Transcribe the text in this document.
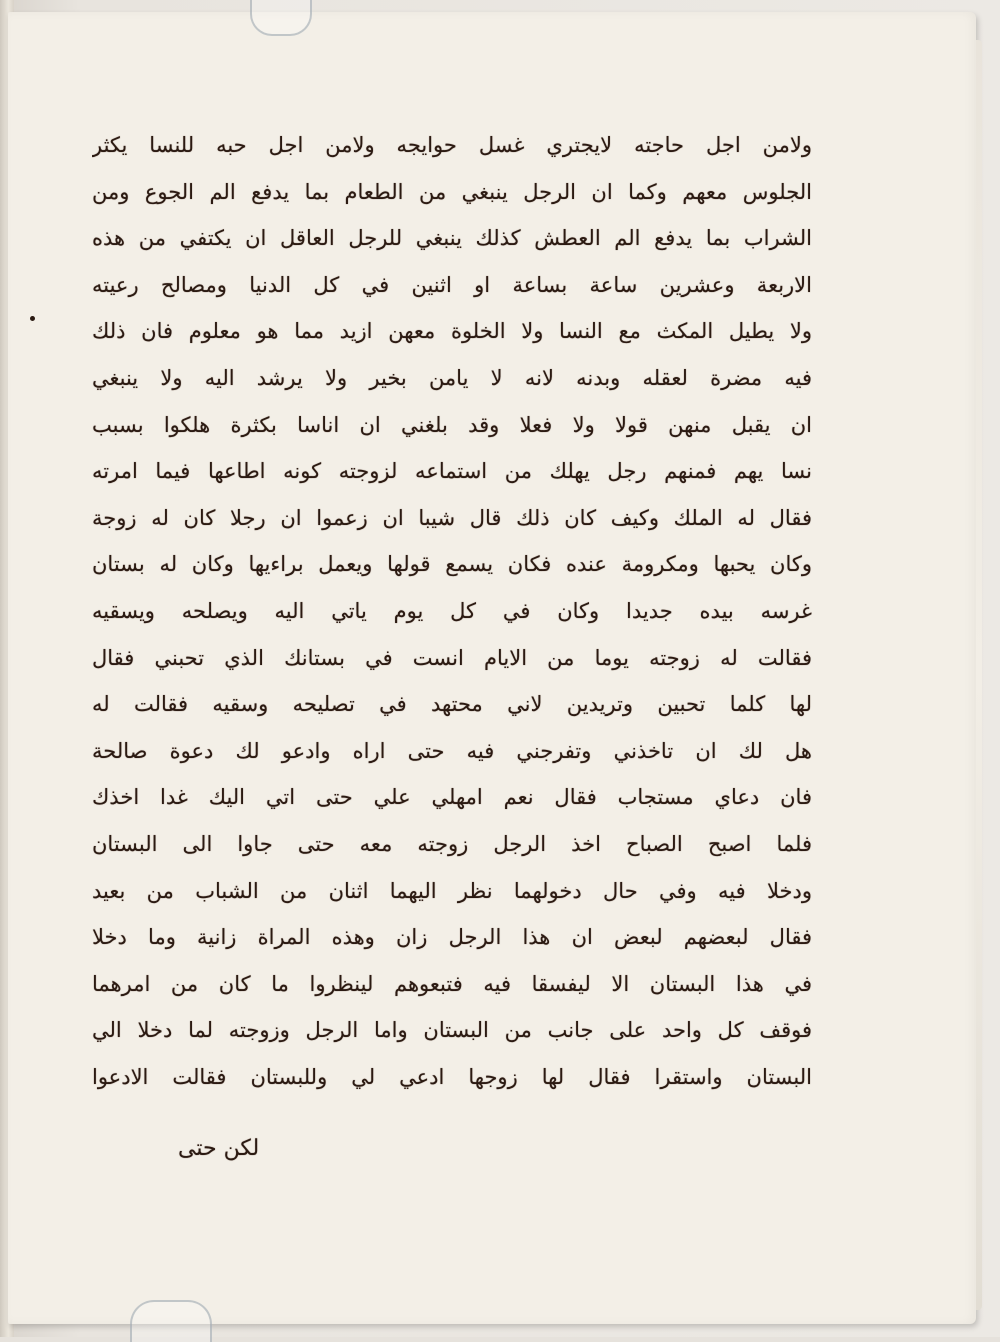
ولامن اجل حاجته لايجتري غسل حوايجه ولامن اجل حبه للنسا يكثر
الجلوس معهم وكما ان الرجل ينبغي من الطعام بما يدفع الم الجوع ومن
الشراب بما يدفع الم العطش كذلك ينبغي للرجل العاقل ان يكتفي من هذه
الاربعة وعشرين ساعة بساعة او اثنين في كل الدنيا ومصالح رعيته
ولا يطيل المكث مع النسا ولا الخلوة معهن ازيد مما هو معلوم فان ذلك
فيه مضرة لعقله وبدنه لانه لا يامن بخير ولا يرشد اليه ولا ينبغي
ان يقبل منهن قولا ولا فعلا وقد بلغني ان اناسا بكثرة هلكوا بسبب
نسا يهم فمنهم رجل يهلك من استماعه لزوجته كونه اطاعها فيما امرته
فقال له الملك وكيف كان ذلك قال شيبا ان زعموا ان رجلا كان له زوجة
وكان يحبها ومكرومة عنده فكان يسمع قولها ويعمل براءيها وكان له بستان
غرسه بيده جديدا وكان في كل يوم ياتي اليه ويصلحه ويسقيه
فقالت له زوجته يوما من الايام انست في بستانك الذي تحبني فقال
لها كلما تحبين وتريدين لاني محتهد في تصليحه وسقيه فقالت له
هل لك ان تاخذني وتفرجني فيه حتى اراه وادعو لك دعوة صالحة
فان دعاي مستجاب فقال نعم امهلي علي حتى اتي اليك غدا اخذك
فلما اصبح الصباح اخذ الرجل زوجته معه حتى جاوا الى البستان
ودخلا فيه وفي حال دخولهما نظر اليهما اثنان من الشباب من بعيد
فقال لبعضهم لبعض ان هذا الرجل زان وهذه المراة زانية وما دخلا
في هذا البستان الا ليفسقا فيه فتبعوهم لينظروا ما كان من امرهما
فوقف كل واحد على جانب من البستان واما الرجل وزوجته لما دخلا الي
البستان واستقرا فقال لها زوجها ادعي لي وللبستان فقالت الادعوا
لكن حتى
